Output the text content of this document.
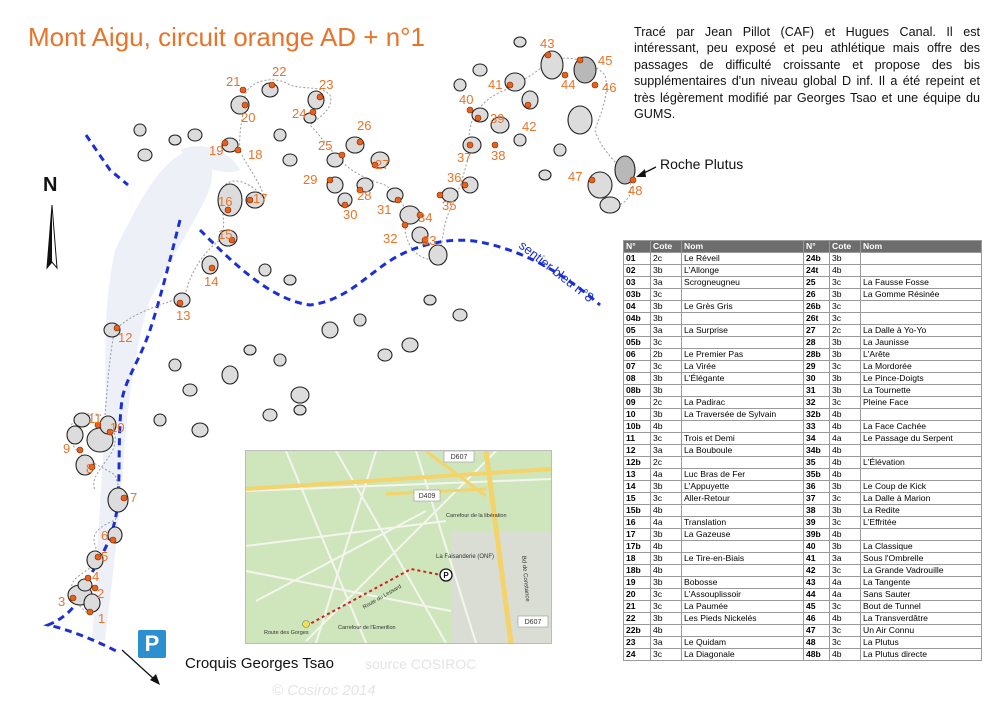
1
2
3
4
5
6
7
8
9
10
11
12
13
14
15
16 17
18
19
20
21
22
23
24
25
26
27
28
29
30 31
32 33
34
35
36
37 38
39
40
41
42
43
44
45
46
47
48
sentier bleu n°8
Mont Aigu, circuit orange AD + n°1	Tracé par Jean Pillot (CAF) et Hugues Canal. Il est intéressant, peu exposé et peu athlétique mais offre des passages de difficulté croissante et propose des bis supplémentaires d'un niveau global D inf. Il a été repeint et très légèrement modifié par Georges Tsao et une équipe du GUMS.
N
Roche Plutus
P
Croquis Georges Tsao source COSIROC
© Cosiroc 2014
D607
D409
D607
Carrefour de la libération
La Faisanderie (ONF)	Bd de Constance
Route du Lessard
Carrefour de l'Emerillon
Route des Gorges
P
N°	Cote	Nom	N°	Cote	Nom
01	2c	Le Réveil	24b	3b	
02	3b	L'Allonge	24t	4b	
03	3a	Scrogneugneu	25	3c	La Fausse Fosse
03b	3c		26	3b	La Gomme Résinée
04	3b	Le Grès Gris	26b	3c	
04b	3b		26t	3c	
05	3a	La Surprise	27	2c	La Dalle à Yo-Yo
05b	3c		28	3b	La Jaunisse
06	2b	Le Premier Pas	28b	3b	L'Arête
07	3c	La Virée	29	3c	La Mordorée
08	3b	L'Élégante	30	3b	Le Pince-Doigts
08b	3b		31	3b	La Tournette
09	2c	La Padirac	32	3c	Pleine Face
10	3b	La Traversée de Sylvain	32b	4b	
10b	4b		33	4b	La Face Cachée
11	3c	Trois et Demi	34	4a	Le Passage du Serpent
12	3a	La Bouboule	34b	4b	
12b	2c		35	4b	L'Élévation
13	4a	Luc Bras de Fer	35b	4b	
14	3b	L'Appuyette	36	3b	Le Coup de Kick
15	3c	Aller-Retour	37	3c	La Dalle à Marion
15b	4b		38	3b	La Redite
16	4a	Translation	39	3c	L'Effritée
17	3b	La Gazeuse	39b	4b	
17b	4b		40	3b	La Classique
18	3b	Le Tire-en-Biais	41	3a	Sous l'Ombrelle
18b	4b		42	3c	La Grande Vadrouille
19	3b	Bobosse	43	4a	La Tangente
20	3c	L'Assouplissoir	44	4a	Sans Sauter
21	3c	La Paumée	45	3c	Bout de Tunnel
22	3b	Les Pieds Nickelés	46	4b	La Transverdâtre
22b	4b		47	3c	Un Air Connu
23	3a	Le Quidam	48	3c	La Plutus
24	3c	La Diagonale	48b	4b	La Plutus directe
